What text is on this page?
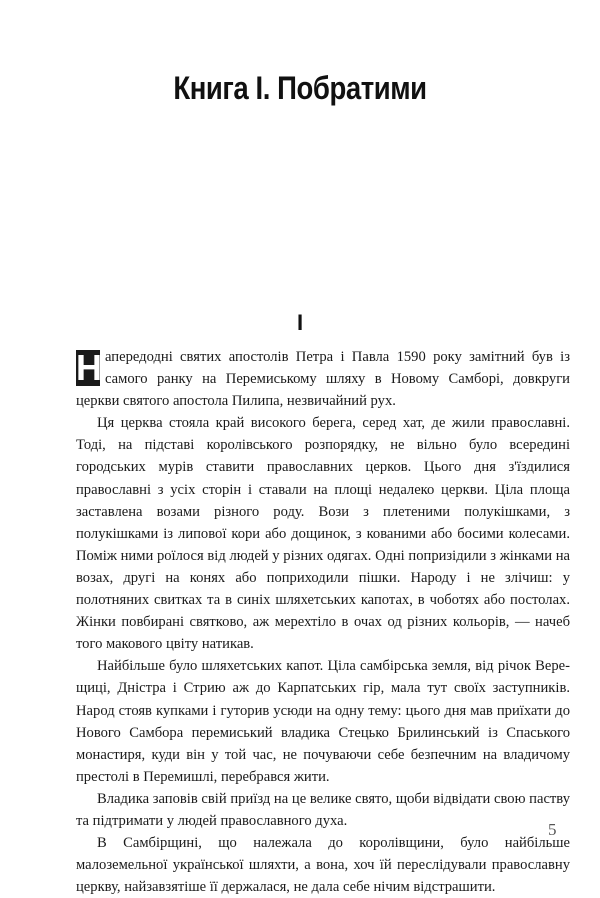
Книга I. Побратими
I

Н апередодні святих апостолів Петра і Павла 1590 року замітний був із самого ранку на Перемиському шляху в Новому Самборі, довкруги церкви святого апостола Пилипа, незвичайний рух.

Ця церква стояла край високого берега, серед хат, де жили православні. Тоді, на підставі королівського розпорядку, не вільно було всередині городських мурів ставити православних церков. Цього дня з'їздилися православні з усіх сторін і ставали на площі недалеко церкви. Ціла площа заставлена возами різного роду. Вози з плетеними полукішками, з полукішками із липової кори або дощинок, з кованими або босими колесами. Поміж ними роїлося від людей у різних одягах. Одні попризідили з жінками на возах, другі на конях або поприходили пішки. Народу і не злічиш: у полотняних свитках та в синіх шляхетських капотах, в чоботях або постолах. Жінки повбирані святково, аж мерехтіло в очах од різних кольорів, — начеб того макового цвіту натикав.

Найбільше було шляхетських капот. Ціла самбірська земля, від річок Верещиці, Дністра і Стрию аж до Карпатських гір, мала тут своїх заступників. Народ стояв купками і гуторив усюди на одну тему: цього дня мав приїхати до Нового Самбора перемиський владика Стецько Брилинський із Спаського монастиря, куди він у той час, не почуваючи себе безпечним на владичому престолі в Перемишлі, перебрався жити.

Владика заповів свій приїзд на це велике свято, щоби відвідати свою паству та підтримати у людей православного духа.

В Самбірщині, що належала до королівщини, було найбільше малоземельної української шляхти, а вона, хоч їй переслідували православну церкву, найзавзятіше її держалася, не дала себе нічим відстрашити.

5
